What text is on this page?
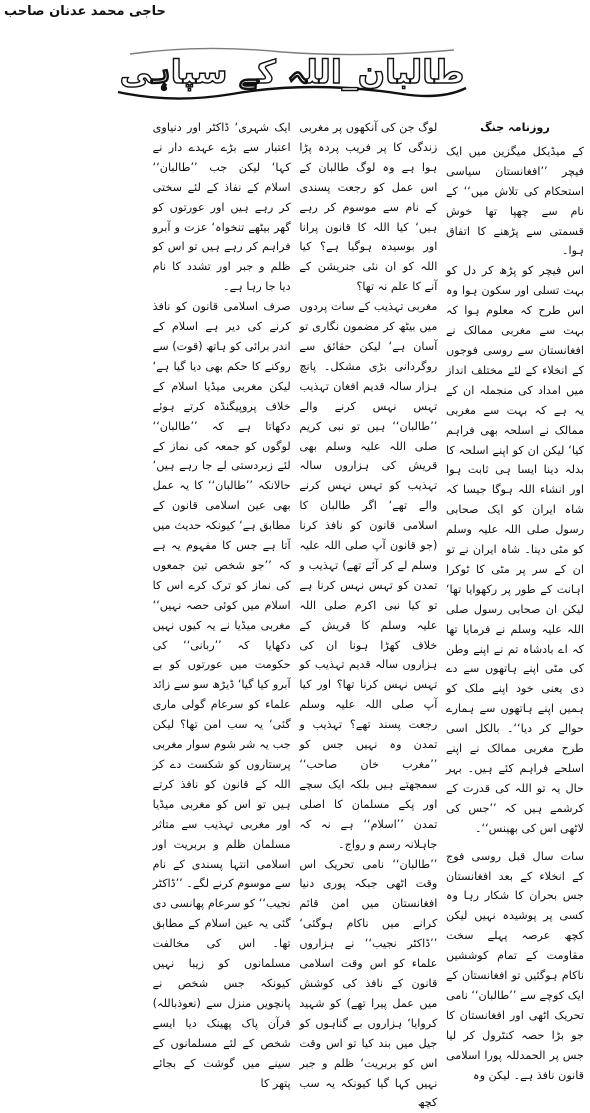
حاجی محمد عدنان صاحب
طالبان_اللہ کے سپاہی

روزنامہ جنگ

کے میڈیکل میگزین میں ایک فیچر ’’افغانستان سیاسی استحکام کی تلاش میں‘‘ کے نام سے چھپا تھا خوش قسمتی سے پڑھنے کا اتفاق ہوا۔

اس فیچر کو پڑھ کر دل کو بہت تسلی اور سکون ہوا وہ اس طرح کہ معلوم ہوا کہ بہت سے مغربی ممالک نے افغانستان سے روسی فوجوں کے انخلاء کے لئے مختلف انداز میں امداد کی منجملہ ان کے یہ ہے کہ بہت سے مغربی ممالک نے اسلحہ بھی فراہم کیا‘ لیکن ان کو اپنے اسلحہ کا بدلہ دینا ایسا ہی ثابت ہوا اور انشاء اللہ ہوگا جیسا کہ شاہ ایران کو ایک صحابی رسول صلی اللہ علیہ وسلم کو مٹی دینا۔ شاہ ایران نے تو ان کے سر پر مٹی کا ٹوکرا اہانت کے طور پر رکھوایا تھا‘ لیکن ان صحابی رسول صلی اللہ علیہ وسلم نے فرمایا تھا کہ اے بادشاہ تم نے اپنے وطن کی مٹی اپنے ہاتھوں سے دے دی یعنی خود اپنے ملک کو ہمیں اپنے ہاتھوں سے ہمارے حوالے کر دیا‘‘۔ بالکل اسی طرح مغربی ممالک نے اپنے اسلحے فراہم کئے ہیں۔ بہر حال یہ تو اللہ کی قدرت کے کرشمے ہیں کہ ’’جس کی لاٹھی اس کی بھینس‘‘۔

سات سال قبل روسی فوج کے انخلاء کے بعد افغانستان جس بحران کا شکار رہا وہ کسی پر پوشیدہ نہیں لیکن کچھ عرصہ پہلے سخت مقاومت کے تمام کوششیں ناکام ہوگئیں تو افغانستان کے ایک کوچے سے ’’طالبان‘‘ نامی تحریک اٹھی اور افغانستان کا جو بڑا حصہ کنٹرول کر لیا جس پر الحمدللہ پورا اسلامی قانون نافذ ہے۔ لیکن وہ

لوگ جن کی آنکھوں پر مغربی زندگی کا پر فریب پردہ پڑا ہوا ہے وہ لوگ طالبان کے اس عمل کو رجعت پسندی کے نام سے موسوم کر رہے ہیں‘ کیا اللہ کا قانون پرانا اور بوسیدہ ہوگیا ہے؟ کیا اللہ کو ان نئی جنریشن کے آنے کا علم نہ تھا؟

مغربی تہذیب کے سات پردوں میں بیٹھ کر مضمون نگاری تو آسان ہے‘ لیکن حقائق سے روگردانی بڑی مشکل۔ پانچ ہزار سالہ قدیم افغان تہذیب تہس نہس کرنے والے ’’طالبان‘‘ ہیں تو نبی کریم صلی اللہ علیہ وسلم بھی قریش کی ہزاروں سالہ تہذیب کو تہس نہس کرنے والے تھے‘ اگر طالبان کا اسلامی قانون کو نافذ کرنا (جو قانون آپ صلی اللہ علیہ وسلم لے کر آئے تھے) تہذیب و تمدن کو تہس نہس کرنا ہے تو کیا نبی اکرم صلی اللہ علیہ وسلم کا قریش کے خلاف کھڑا ہونا ان کی ہزاروں سالہ قدیم تہذیب کو تہس نہس کرنا تھا؟ اور کیا آپ صلی اللہ علیہ وسلم رجعت پسند تھے؟ تہذیب و تمدن وہ نہیں جس کو ’’مغرب خان صاحب‘‘ سمجھتے ہیں بلکہ ایک سچے اور پکے مسلمان کا اصلی تمدن ’’اسلام‘‘ ہے نہ کہ جاہلانہ رسم و رواج۔

’’طالبان‘‘ نامی تحریک اس وقت اٹھی جبکہ پوری دنیا افغانستان میں امن قائم کرانے میں ناکام ہوگئی‘ ’’ڈاکٹر نجیب‘‘ نے ہزاروں علماء کو اس وقت اسلامی قانون کے نافذ کی کوشش میں عمل پیرا تھے) کو شہید کروایا‘ ہزاروں بے گناہوں کو جیل میں بند کیا تو اس وقت اس کو بربریت‘ ظلم و جبر نہیں کہا گیا کیونکہ یہ سب کچھ

ایک شہری‘ ڈاکٹر اور دنیاوی اعتبار سے بڑے عہدے دار نے کہا‘ لیکن جب ’’طالبان‘‘ اسلام کے نفاذ کے لئے سختی کر رہے ہیں اور عورتوں کو گھر بیٹھے تنخواہ‘ عزت و آبرو فراہم کر رہے ہیں تو اس کو ظلم و جبر اور تشدد کا نام دیا جا رہا ہے۔

صرف اسلامی قانون کو نافذ کرنے کی دیر ہے اسلام کے اندر برائی کو ہاتھ (قوت) سے روکنے کا حکم بھی دیا گیا ہے‘ لیکن مغربی میڈیا اسلام کے خلاف پروپیگنڈہ کرتے ہوئے دکھاتا ہے کہ ’’طالبان‘‘ لوگوں کو جمعہ کی نماز کے لئے زبردستی لے جا رہے ہیں‘ حالانکہ ’’طالبان‘‘ کا یہ عمل بھی عین اسلامی قانون کے مطابق ہے‘ کیونکہ حدیث میں آتا ہے جس کا مفہوم یہ ہے کہ ’’جو شخص تین جمعوں کی نماز کو ترک کرے اس کا اسلام میں کوئی حصہ نہیں‘‘ مغربی میڈیا نے یہ کیوں نہیں دکھایا کہ ’’ربانی‘‘ کی حکومت میں عورتوں کو بے آبرو کیا گیا‘ ڈیڑھ سو سے زائد علماء کو سرعام گولی ماری گئی‘ یہ سب امن تھا؟ لیکن جب یہ شر شوم سوار مغربی پرستاروں کو شکست دے کر اللہ کے قانون کو نافذ کرتے ہیں تو اس کو مغربی میڈیا اور مغربی تہذیب سے متاثر مسلمان ظلم و بربریت اور اسلامی انتہا پسندی کے نام سے موسوم کرنے لگے۔ ’’ڈاکٹر نجیب‘‘ کو سرعام پھانسی دی گئی یہ عین اسلام کے مطابق تھا۔ اس کی مخالفت مسلمانوں کو زیبا نہیں کیونکہ جس شخص نے پانچویں منزل سے (نعوذباللہ) قرآن پاک پھینک دیا ایسے شخص کے لئے مسلمانوں کے سینے میں گوشت کے بجائے پتھر کا
